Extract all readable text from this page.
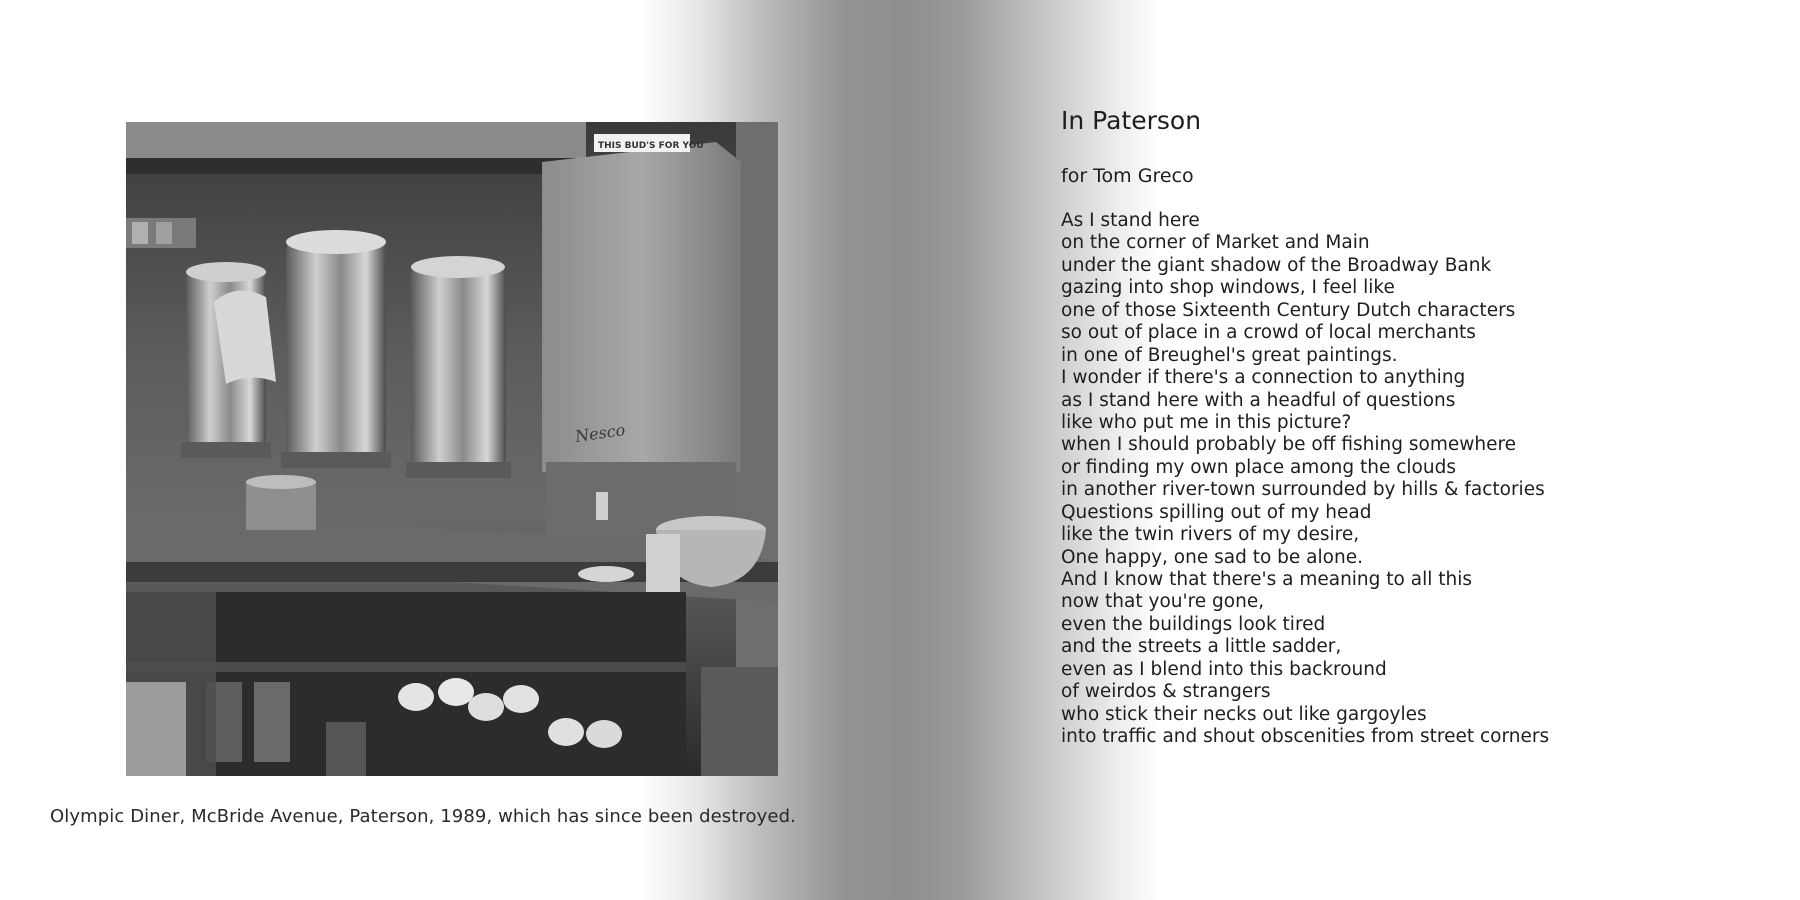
Nesco
THIS BUD'S FOR YOU
Olympic Diner, McBride Avenue, Paterson, 1989, which has since been destroyed.
In Paterson
for Tom Greco
As I stand here
on the corner of Market and Main
under the giant shadow of the Broadway Bank
gazing into shop windows, I feel like
one of those Sixteenth Century Dutch characters
so out of place in a crowd of local merchants
in one of Breughel's great paintings.
I wonder if there's a connection to anything
as I stand here with a headful of questions
like who put me in this picture?
when I should probably be off fishing somewhere
or finding my own place among the clouds
in another river-town surrounded by hills & factories
Questions spilling out of my head
like the twin rivers of my desire,
One happy, one sad to be alone.
And I know that there's a meaning to all this
now that you're gone,
even the buildings look tired
and the streets a little sadder,
even as I blend into this backround
of weirdos & strangers
who stick their necks out like gargoyles
into traffic and shout obscenities from street corners
